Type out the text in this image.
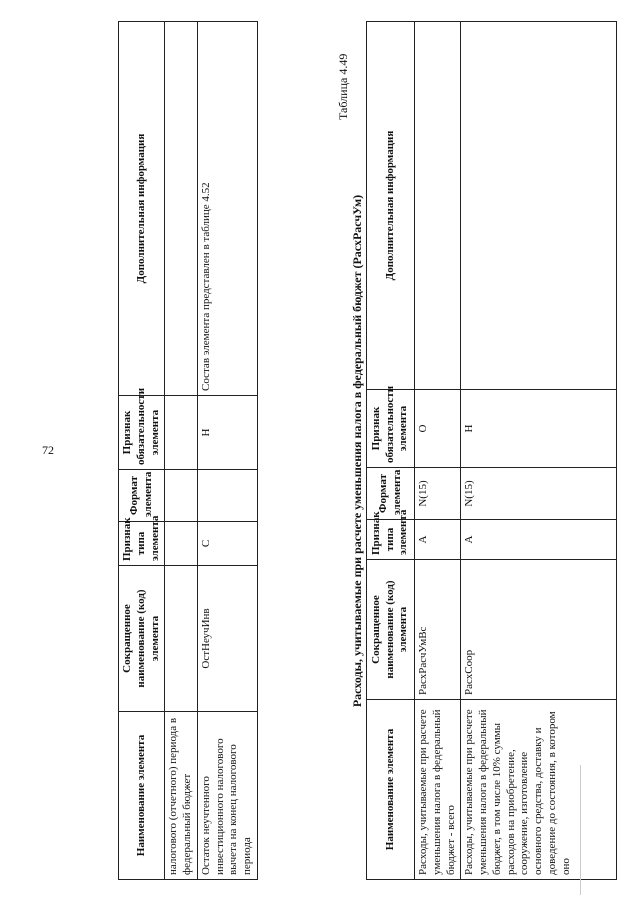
72
Наименование элемента	Сокращенное наименование (код) элемента	Признак типа элемента	Формат элемента	Признак обязательности элемента	Дополнительная информация
налогового (отчетного) периода в федеральный бюджет					
Остаток неучтенного инвестиционного налогового вычета на конец налогового периода	ОстНеучИнв	С		Н	Состав элемента представлен в таблице 4.52
Таблица 4.49
Расходы, учитываемые при расчете уменьшения налога в федеральный бюджет (РасхРасчУм)
Наименование элемента	Сокращенное наименование (код) элемента	Признак типа элемента	Формат элемента	Признак обязательности элемента	Дополнительная информация
Расходы, учитываемые при расчете уменьшения налога в федеральный бюджет - всего	РасхРасчУмВс	А	N(15)	О	
Расходы, учитываемые при расчете уменьшения налога в федеральный бюджет, в том числе 10% суммы расходов на приобретение, сооружение, изготовление основного средства, доставку и доведение до состояния, в котором оно	РасхСоор	А	N(15)	Н	
